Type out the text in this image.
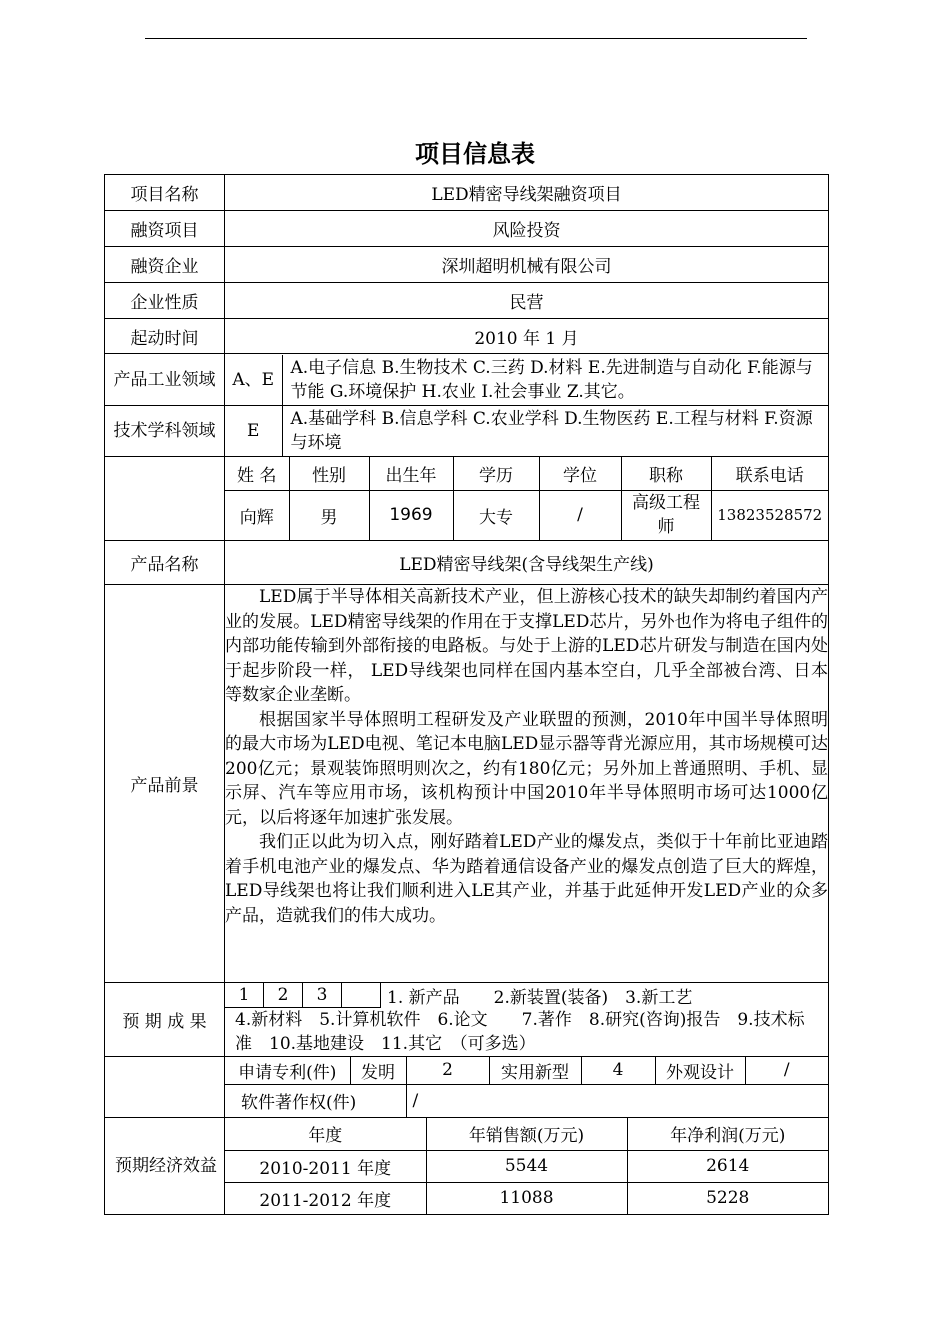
项目信息表
项目名称	LED精密导线架融资项目
融资项目	风险投资
融资企业	深圳超明机械有限公司
企业性质	民营
起动时间	2010 年 1 月
产品工业领域	A、E	A.电子信息 B.生物技术 C.三药 D.材料 E.先进制造与自动化 F.能源与节能 G.环境保护 H.农业 I.社会事业 Z.其它。

技术学科领域	E	A.基础学科 B.信息学科 C.农业学科 D.生物医药 E.工程与材料 F.资源与环境

姓 名	性别	出生年	学历	学位	职称	联系电话
向辉	男	1969	大专	/	高级工程师	13823528572

产品名称	LED精密导线架(含导线架生产线)
产品前景	

LED属于半导体相关高新技术产业，但上游核心技术的缺失却制约着国内产业的发展。LED精密导线架的作用在于支撑LED芯片，另外也作为将电子组件的内部功能传输到外部衔接的电路板。与处于上游的LED芯片研发与制造在国内处于起步阶段一样， LED导线架也同样在国内基本空白，几乎全部被台湾、日本等数家企业垄断。

根据国家半导体照明工程研发及产业联盟的预测，2010年中国半导体照明的最大市场为LED电视、笔记本电脑LED显示器等背光源应用，其市场规模可达200亿元；景观装饰照明则次之，约有180亿元；另外加上普通照明、手机、显示屏、汽车等应用市场，该机构预计中国2010年半导体照明市场可达1000亿元，以后将逐年加速扩张发展。

我们正以此为切入点，刚好踏着LED产业的爆发点，类似于十年前比亚迪踏着手机电池产业的爆发点、华为踏着通信设备产业的爆发点创造了巨大的辉煌，LED导线架也将让我们顺利进入LE其产业，并基于此延伸开发LED产业的众多产品，造就我们的伟大成功。

预 期 成 果	
1	2	3	1. 新产品　　2.新装置(装备)　3.新工艺
4.新材料　5.计算机软件　6.论文　　7.著作　8.研究(咨询)报告　9.技术标准　10.基地建设　11.其它　（可多选）

申请专利(件)	发明	2	实用新型	4	外观设计	/
软件著作权(件)	/

预期经济效益	
年度	年销售额(万元)	年净利润(万元)
2010-2011 年度	5544	2614
2011-2012 年度	11088	5228
